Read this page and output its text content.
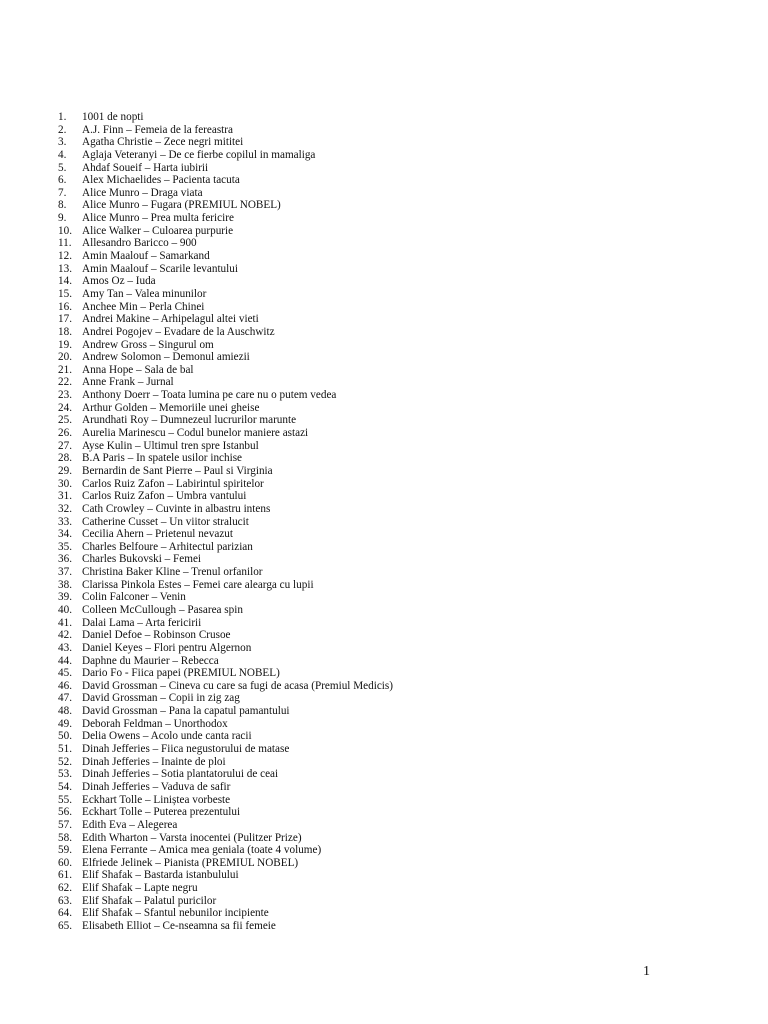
1.	1001 de nopti
2.	A.J. Finn – Femeia de la fereastra
3.	Agatha Christie – Zece negri mititei
4.	Aglaja Veteranyi – De ce fierbe copilul in mamaliga
5.	Ahdaf Soueif – Harta iubirii
6.	Alex Michaelides – Pacienta tacuta
7.	Alice Munro – Draga viata
8.	Alice Munro – Fugara (PREMIUL NOBEL)
9.	Alice Munro – Prea multa fericire
10. Alice Walker – Culoarea purpurie
11. Allesandro Baricco – 900
12. Amin Maalouf – Samarkand
13. Amin Maalouf – Scarile levantului
14. Amos Oz – Iuda
15. Amy Tan – Valea minunilor
16. Anchee Min – Perla Chinei
17. Andrei Makine – Arhipelagul altei vieti
18. Andrei Pogojev – Evadare de la Auschwitz
19. Andrew Gross – Singurul om
20. Andrew Solomon – Demonul amiezii
21. Anna Hope – Sala de bal
22. Anne Frank – Jurnal
23. Anthony Doerr – Toata lumina pe care nu o putem vedea
24. Arthur Golden – Memoriile unei gheise
25. Arundhati Roy – Dumnezeul lucrurilor marunte
26. Aurelia Marinescu – Codul bunelor maniere astazi
27. Ayse Kulin – Ultimul tren spre Istanbul
28. B.A Paris – In spatele usilor inchise
29. Bernardin de Sant Pierre – Paul si Virginia
30. Carlos Ruiz Zafon – Labirintul spiritelor
31. Carlos Ruiz Zafon – Umbra vantului
32. Cath Crowley – Cuvinte in albastru intens
33. Catherine Cusset – Un viitor stralucit
34. Cecilia Ahern – Prietenul nevazut
35. Charles Belfoure – Arhitectul parizian
36. Charles Bukovski – Femei
37. Christina Baker Kline – Trenul orfanilor
38. Clarissa Pinkola Estes – Femei care alearga cu lupii
39. Colin Falconer – Venin
40. Colleen McCullough – Pasarea spin
41. Dalai Lama – Arta fericirii
42. Daniel Defoe – Robinson Crusoe
43. Daniel Keyes – Flori pentru Algernon
44. Daphne du Maurier – Rebecca
45. Dario Fo - Fiica papei (PREMIUL NOBEL)
46. David Grossman – Cineva cu care sa fugi de acasa (Premiul Medicis)
47. David Grossman – Copii in zig zag
48. David Grossman – Pana la capatul pamantului
49. Deborah Feldman – Unorthodox
50. Delia Owens – Acolo unde canta racii
51. Dinah Jefferies – Fiica negustorului de matase
52. Dinah Jefferies – Inainte de ploi
53. Dinah Jefferies – Sotia plantatorului de ceai
54. Dinah Jefferies – Vaduva de safir
55. Eckhart Tolle – Liniștea vorbeste
56. Eckhart Tolle – Puterea prezentului
57. Edith Eva – Alegerea
58. Edith Wharton – Varsta inocentei (Pulitzer Prize)
59. Elena Ferrante – Amica mea geniala (toate 4 volume)
60. Elfriede Jelinek – Pianista (PREMIUL NOBEL)
61. Elif Shafak – Bastarda istanbulului
62. Elif Shafak – Lapte negru
63. Elif Shafak – Palatul puricilor
64. Elif Shafak – Sfantul nebunilor incipiente
65. Elisabeth Elliot – Ce-nseamna sa fii femeie
1
